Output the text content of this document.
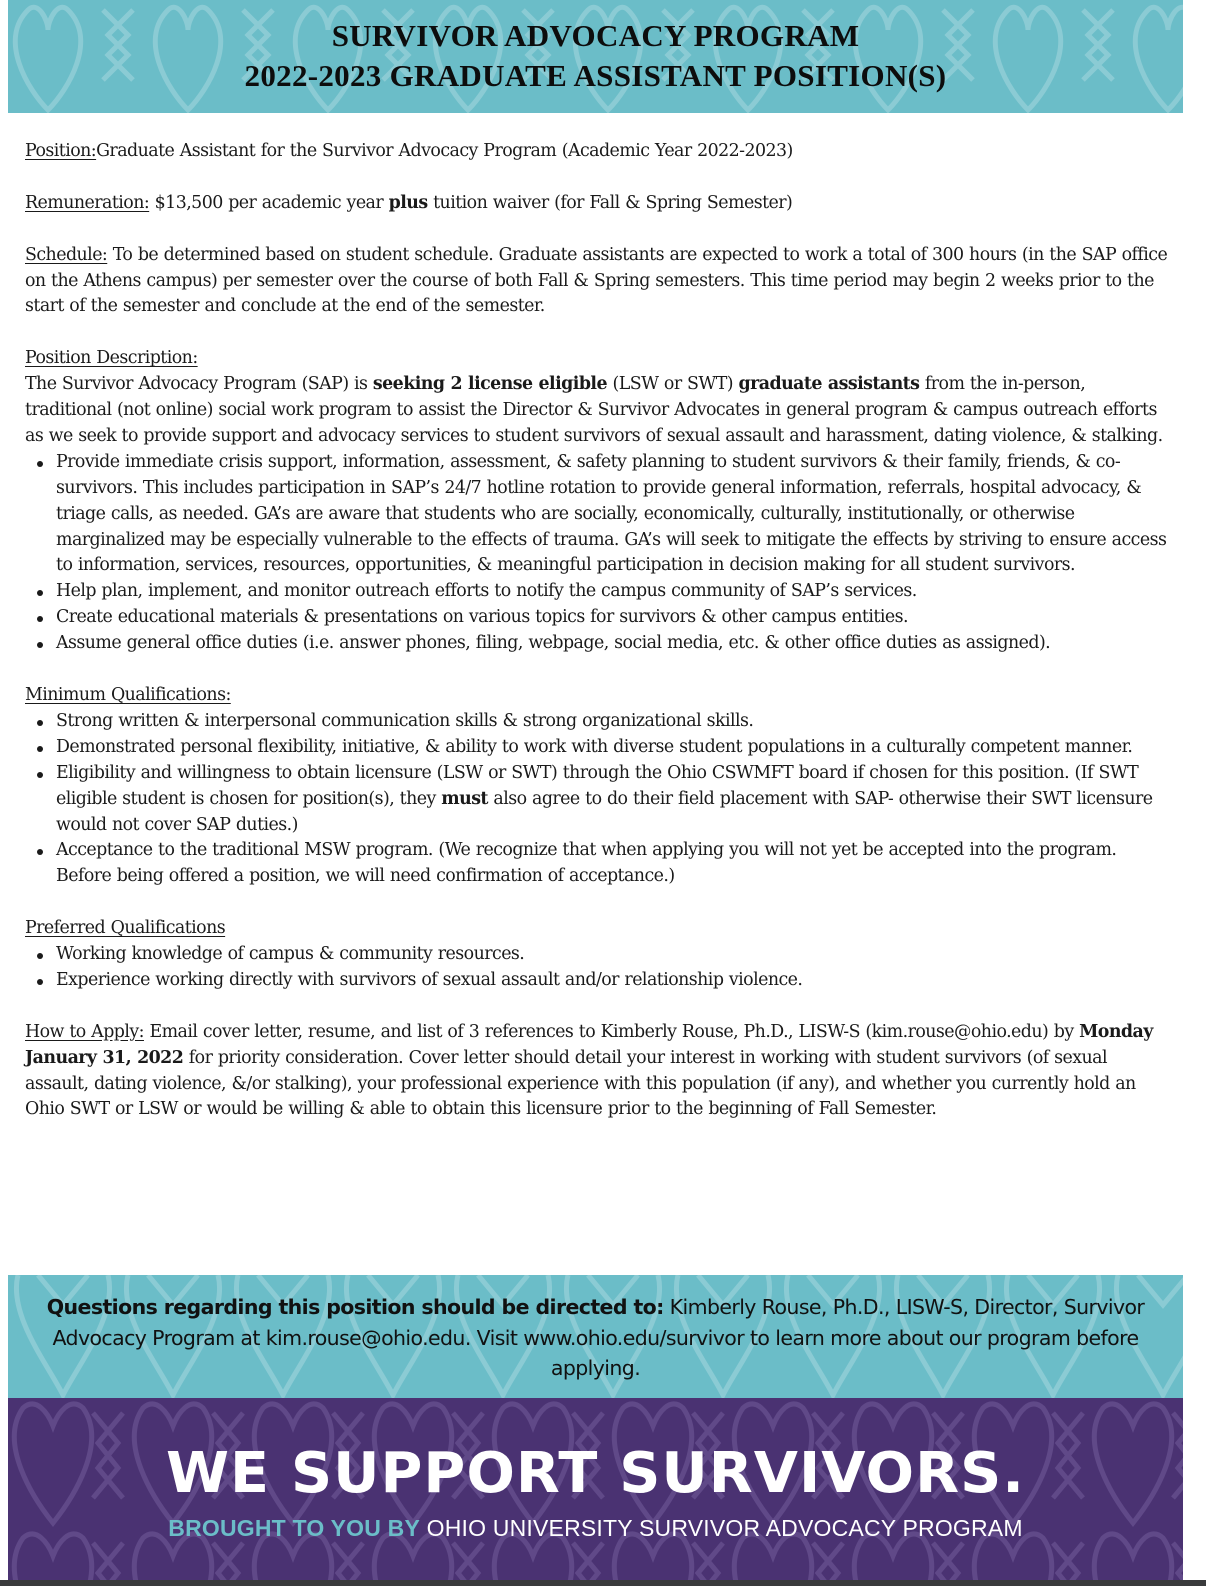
SURVIVOR ADVOCACY PROGRAM
2022-2023 GRADUATE ASSISTANT POSITION(S)

Position:Graduate Assistant for the Survivor Advocacy Program (Academic Year 2022-2023)

Remuneration: $13,500 per academic year plus tuition waiver (for Fall & Spring Semester)

Schedule: To be determined based on student schedule. Graduate assistants are expected to work a total of 300 hours (in the SAP office on the Athens campus) per semester over the course of both Fall & Spring semesters. This time period may begin 2 weeks prior to the start of the semester and conclude at the end of the semester.

Position Description:

The Survivor Advocacy Program (SAP) is seeking 2 license eligible (LSW or SWT) graduate assistants from the in-person, traditional (not online) social work program to assist the Director & Survivor Advocates in general program & campus outreach efforts as we seek to provide support and advocacy services to student survivors of sexual assault and harassment, dating violence, & stalking.

Provide immediate crisis support, information, assessment, & safety planning to student survivors & their family, friends, & co-survivors. This includes participation in SAP’s 24/7 hotline rotation to provide general information, referrals, hospital advocacy, & triage calls, as needed. GA’s are aware that students who are socially, economically, culturally, institutionally, or otherwise marginalized may be especially vulnerable to the effects of trauma. GA’s will seek to mitigate the effects by striving to ensure access to information, services, resources, opportunities, & meaningful participation in decision making for all student survivors.
Help plan, implement, and monitor outreach efforts to notify the campus community of SAP’s services.
Create educational materials & presentations on various topics for survivors & other campus entities.
Assume general office duties (i.e. answer phones, filing, webpage, social media, etc. & other office duties as assigned).

Minimum Qualifications:

Strong written & interpersonal communication skills & strong organizational skills.
Demonstrated personal flexibility, initiative, & ability to work with diverse student populations in a culturally competent manner.
Eligibility and willingness to obtain licensure (LSW or SWT) through the Ohio CSWMFT board if chosen for this position. (If SWT eligible student is chosen for position(s), they must also agree to do their field placement with SAP- otherwise their SWT licensure would not cover SAP duties.)
Acceptance to the traditional MSW program. (We recognize that when applying you will not yet be accepted into the program. Before being offered a position, we will need confirmation of acceptance.)

Preferred Qualifications

Working knowledge of campus & community resources.
Experience working directly with survivors of sexual assault and/or relationship violence.

How to Apply: Email cover letter, resume, and list of 3 references to Kimberly Rouse, Ph.D., LISW-S (kim.rouse@ohio.edu) by Monday January 31, 2022 for priority consideration. Cover letter should detail your interest in working with student survivors (of sexual assault, dating violence, &/or stalking), your professional experience with this population (if any), and whether you currently hold an Ohio SWT or LSW or would be willing & able to obtain this licensure prior to the beginning of Fall Semester.

Questions regarding this position should be directed to: Kimberly Rouse, Ph.D., LISW-S, Director, Survivor Advocacy Program at kim.rouse@ohio.edu. Visit www.ohio.edu/survivor to learn more about our program before applying.
WE SUPPORT SURVIVORS.
BROUGHT TO YOU BY OHIO UNIVERSITY SURVIVOR ADVOCACY PROGRAM
